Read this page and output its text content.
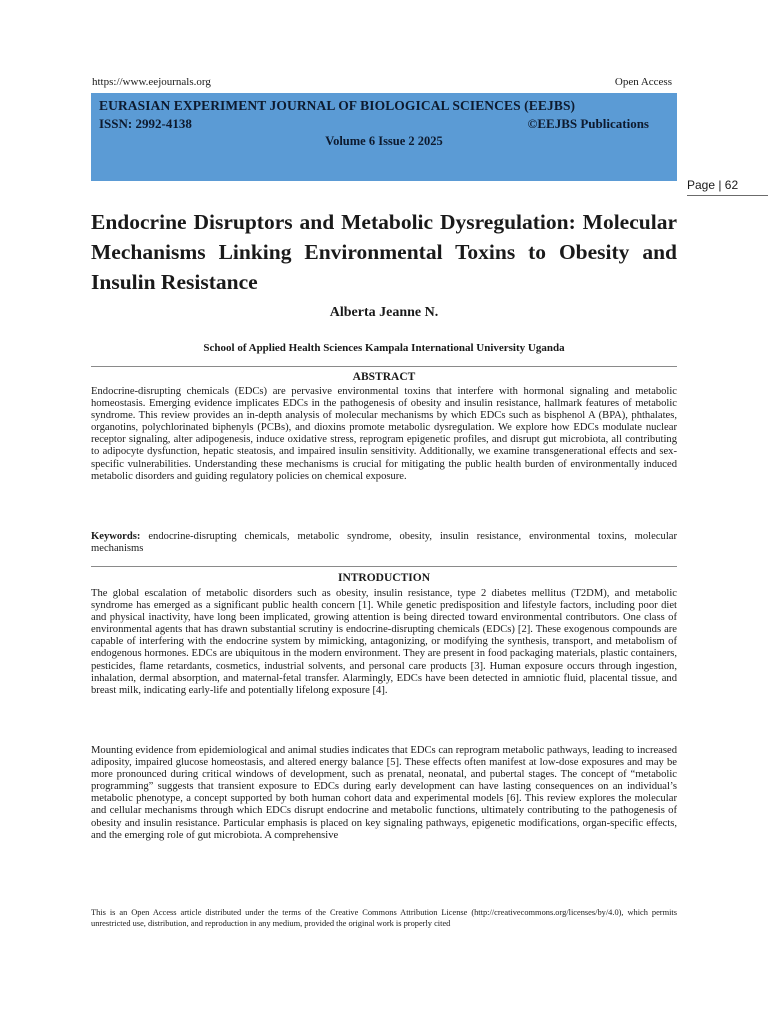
https://www.eejournals.org	Open Access
EURASIAN EXPERIMENT JOURNAL OF BIOLOGICAL SCIENCES (EEJBS)
ISSN: 2992-4138	©EEJBS Publications
Volume 6 Issue 2 2025
Page | 62
Endocrine Disruptors and Metabolic Dysregulation: Molecular Mechanisms Linking Environmental Toxins to Obesity and Insulin Resistance
Alberta Jeanne N.
School of Applied Health Sciences Kampala International University Uganda
ABSTRACT
Endocrine-disrupting chemicals (EDCs) are pervasive environmental toxins that interfere with hormonal signaling and metabolic homeostasis. Emerging evidence implicates EDCs in the pathogenesis of obesity and insulin resistance, hallmark features of metabolic syndrome. This review provides an in-depth analysis of molecular mechanisms by which EDCs such as bisphenol A (BPA), phthalates, organotins, polychlorinated biphenyls (PCBs), and dioxins promote metabolic dysregulation. We explore how EDCs modulate nuclear receptor signaling, alter adipogenesis, induce oxidative stress, reprogram epigenetic profiles, and disrupt gut microbiota, all contributing to adipocyte dysfunction, hepatic steatosis, and impaired insulin sensitivity. Additionally, we examine transgenerational effects and sex-specific vulnerabilities. Understanding these mechanisms is crucial for mitigating the public health burden of environmentally induced metabolic disorders and guiding regulatory policies on chemical exposure.
Keywords: endocrine-disrupting chemicals, metabolic syndrome, obesity, insulin resistance, environmental toxins, molecular mechanisms
INTRODUCTION
The global escalation of metabolic disorders such as obesity, insulin resistance, type 2 diabetes mellitus (T2DM), and metabolic syndrome has emerged as a significant public health concern [1]. While genetic predisposition and lifestyle factors, including poor diet and physical inactivity, have long been implicated, growing attention is being directed toward environmental contributors. One class of environmental agents that has drawn substantial scrutiny is endocrine-disrupting chemicals (EDCs) [2]. These exogenous compounds are capable of interfering with the endocrine system by mimicking, antagonizing, or modifying the synthesis, transport, and metabolism of endogenous hormones. EDCs are ubiquitous in the modern environment. They are present in food packaging materials, plastic containers, pesticides, flame retardants, cosmetics, industrial solvents, and personal care products [3]. Human exposure occurs through ingestion, inhalation, dermal absorption, and maternal-fetal transfer. Alarmingly, EDCs have been detected in amniotic fluid, placental tissue, and breast milk, indicating early-life and potentially lifelong exposure [4].
Mounting evidence from epidemiological and animal studies indicates that EDCs can reprogram metabolic pathways, leading to increased adiposity, impaired glucose homeostasis, and altered energy balance [5]. These effects often manifest at low-dose exposures and may be more pronounced during critical windows of development, such as prenatal, neonatal, and pubertal stages. The concept of “metabolic programming” suggests that transient exposure to EDCs during early development can have lasting consequences on an individual’s metabolic phenotype, a concept supported by both human cohort data and experimental models [6]. This review explores the molecular and cellular mechanisms through which EDCs disrupt endocrine and metabolic functions, ultimately contributing to the pathogenesis of obesity and insulin resistance. Particular emphasis is placed on key signaling pathways, epigenetic modifications, organ-specific effects, and the emerging role of gut microbiota. A comprehensive
This is an Open Access article distributed under the terms of the Creative Commons Attribution License (http://creativecommons.org/licenses/by/4.0), which permits unrestricted use, distribution, and reproduction in any medium, provided the original work is properly cited
